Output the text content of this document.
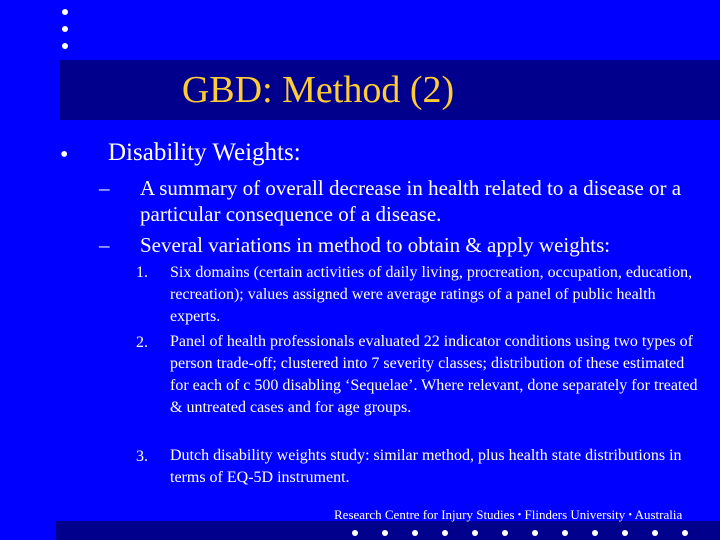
GBD: Method (2)
• Disability Weights:
– A summary of overall decrease in health related to a disease or a particular consequence of a disease.
– Several variations in method to obtain & apply weights:
1. Six domains (certain activities of daily living, procreation, occupation, education, recreation); values assigned were average ratings of a panel of public health experts.
2. Panel of health professionals evaluated 22 indicator conditions using two types of person trade-off; clustered into 7 severity classes; distribution of these estimated for each of c 500 disabling ‘Sequelae’. Where relevant, done separately for treated & untreated cases and for age groups.
3. Dutch disability weights study: similar method, plus health state distributions in terms of EQ-5D instrument.
Research Centre for Injury Studies • Flinders University • Australia
